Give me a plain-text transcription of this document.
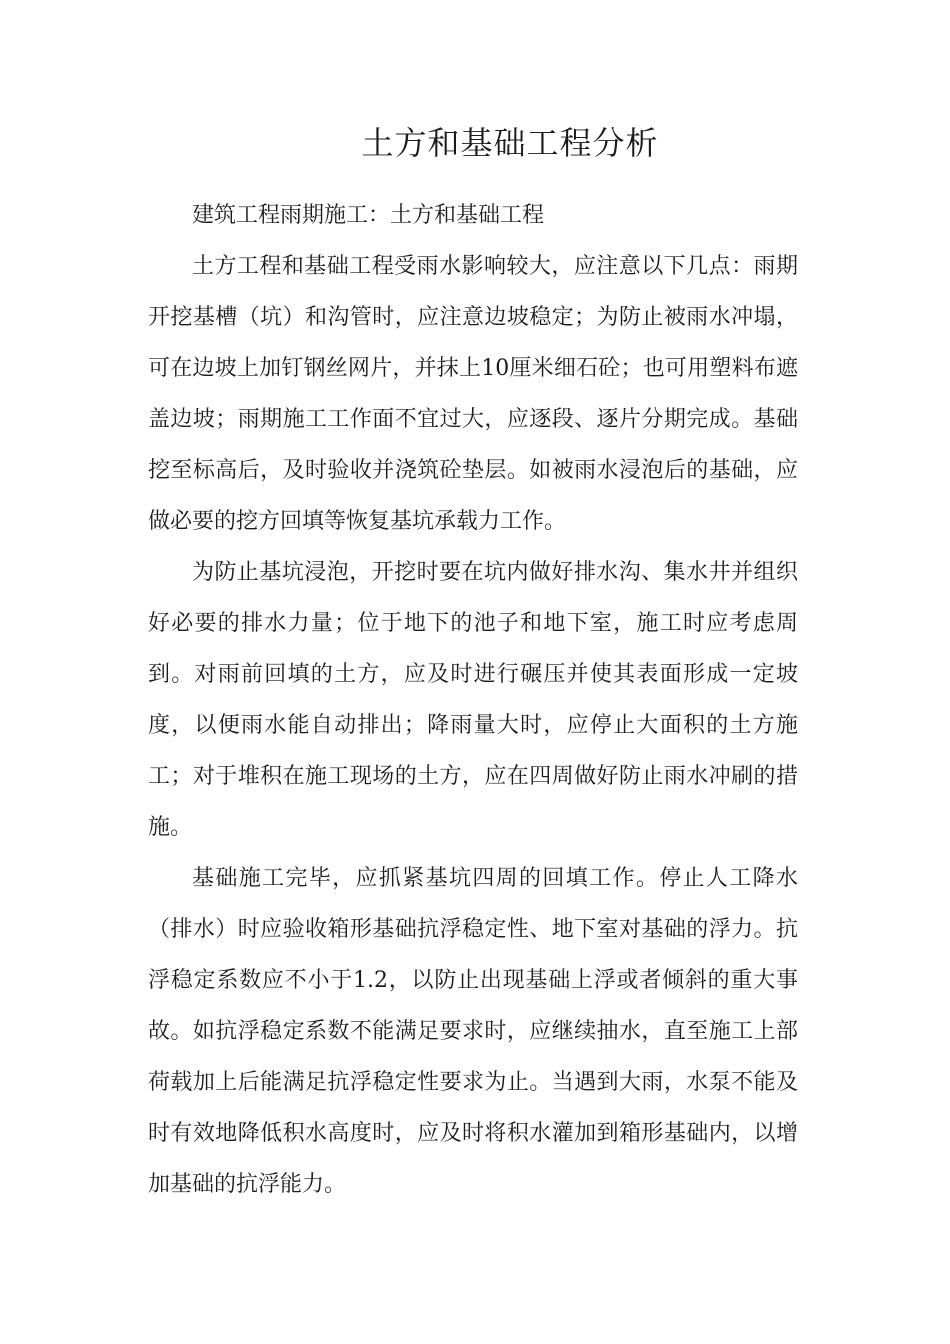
土方和基础工程分析

建筑工程雨期施工：土方和基础工程

土方工程和基础工程受雨水影响较大，应注意以下几点：雨期开挖基槽（坑）和沟管时，应注意边坡稳定；为防止被雨水冲塌，可在边坡上加钉钢丝网片，并抹上10厘米细石砼；也可用塑料布遮盖边坡；雨期施工工作面不宜过大，应逐段、逐片分期完成。基础挖至标高后，及时验收并浇筑砼垫层。如被雨水浸泡后的基础，应做必要的挖方回填等恢复基坑承载力工作。

为防止基坑浸泡，开挖时要在坑内做好排水沟、集水井并组织好必要的排水力量；位于地下的池子和地下室，施工时应考虑周到。对雨前回填的土方，应及时进行碾压并使其表面形成一定坡度，以便雨水能自动排出；降雨量大时，应停止大面积的土方施工；对于堆积在施工现场的土方，应在四周做好防止雨水冲刷的措施。

基础施工完毕，应抓紧基坑四周的回填工作。停止人工降水（排水）时应验收箱形基础抗浮稳定性、地下室对基础的浮力。抗浮稳定系数应不小于1.2，以防止出现基础上浮或者倾斜的重大事故。如抗浮稳定系数不能满足要求时，应继续抽水，直至施工上部荷载加上后能满足抗浮稳定性要求为止。当遇到大雨，水泵不能及时有效地降低积水高度时，应及时将积水灌加到箱形基础内，以增加基础的抗浮能力。
